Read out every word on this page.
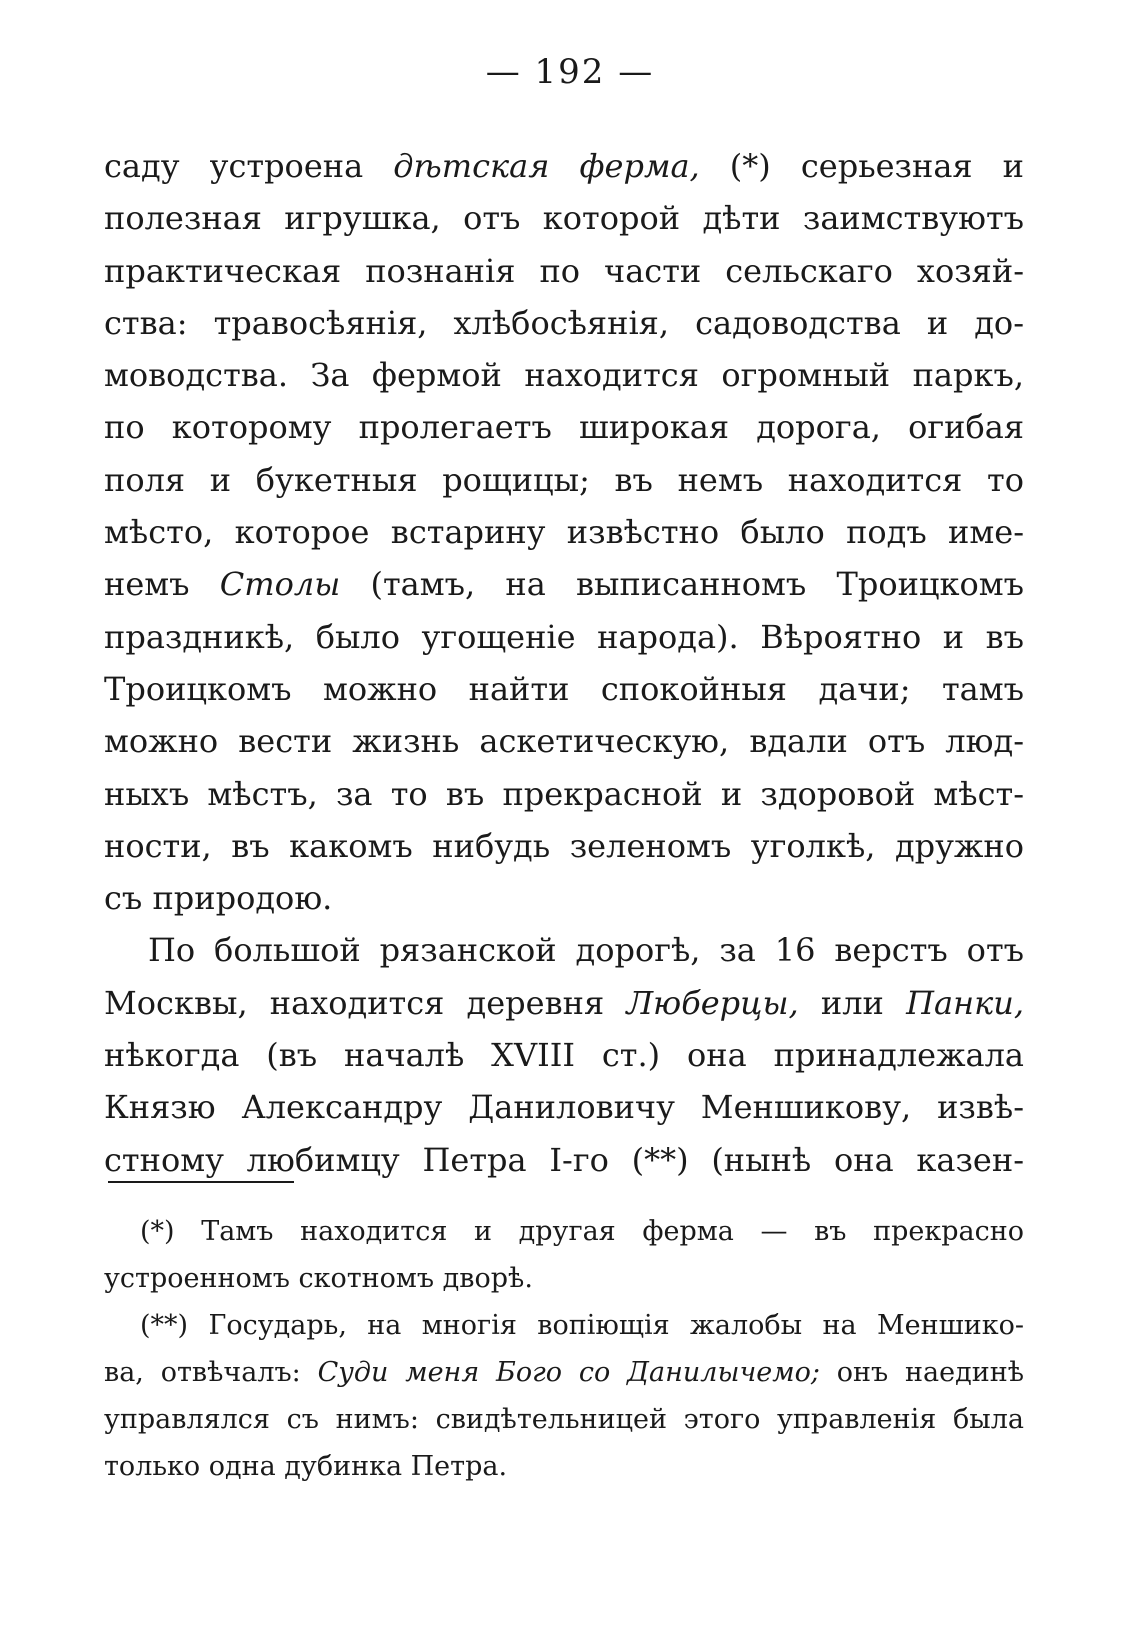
— 192 —
саду устроена дѣтская ферма, (*) серьезная и
полезная игрушка, отъ которой дѣти заимствуютъ
практическая познанія по части сельскаго хозяй-
ства: травосѣянія, хлѣбосѣянія, садоводства и до-
моводства. За фермой находится огромный паркъ,
по которому пролегаетъ широкая дорога, огибая
поля и букетныя рощицы; въ немъ находится то
мѣсто, которое встарину извѣстно было подъ име-
немъ Столы (тамъ, на выписанномъ Троицкомъ
праздникѣ, было угощеніе народа). Вѣроятно и въ
Троицкомъ можно найти спокойныя дачи; тамъ
можно вести жизнь аскетическую, вдали отъ люд-
ныхъ мѣстъ, за то въ прекрасной и здоровой мѣст-
ности, въ какомъ нибудь зеленомъ уголкѣ, дружно
съ природою.
По большой рязанской дорогѣ, за 16 верстъ отъ
Москвы, находится деревня Люберцы, или Панки,
нѣкогда (въ началѣ XVIII ст.) она принадлежала
Князю Александру Даниловичу Меншикову, извѣ-
стному любимцу Петра I-го (**) (нынѣ она казен-
(*) Тамъ находится и другая ферма — въ прекрасно
устроенномъ скотномъ дворѣ.
(**) Государь, на многія вопіющія жалобы на Меншико-
ва, отвѣчалъ: Суди меня Бого со Данилычемо; онъ наединѣ
управлялся съ нимъ: свидѣтельницей этого управленія была
только одна дубинка Петра.
